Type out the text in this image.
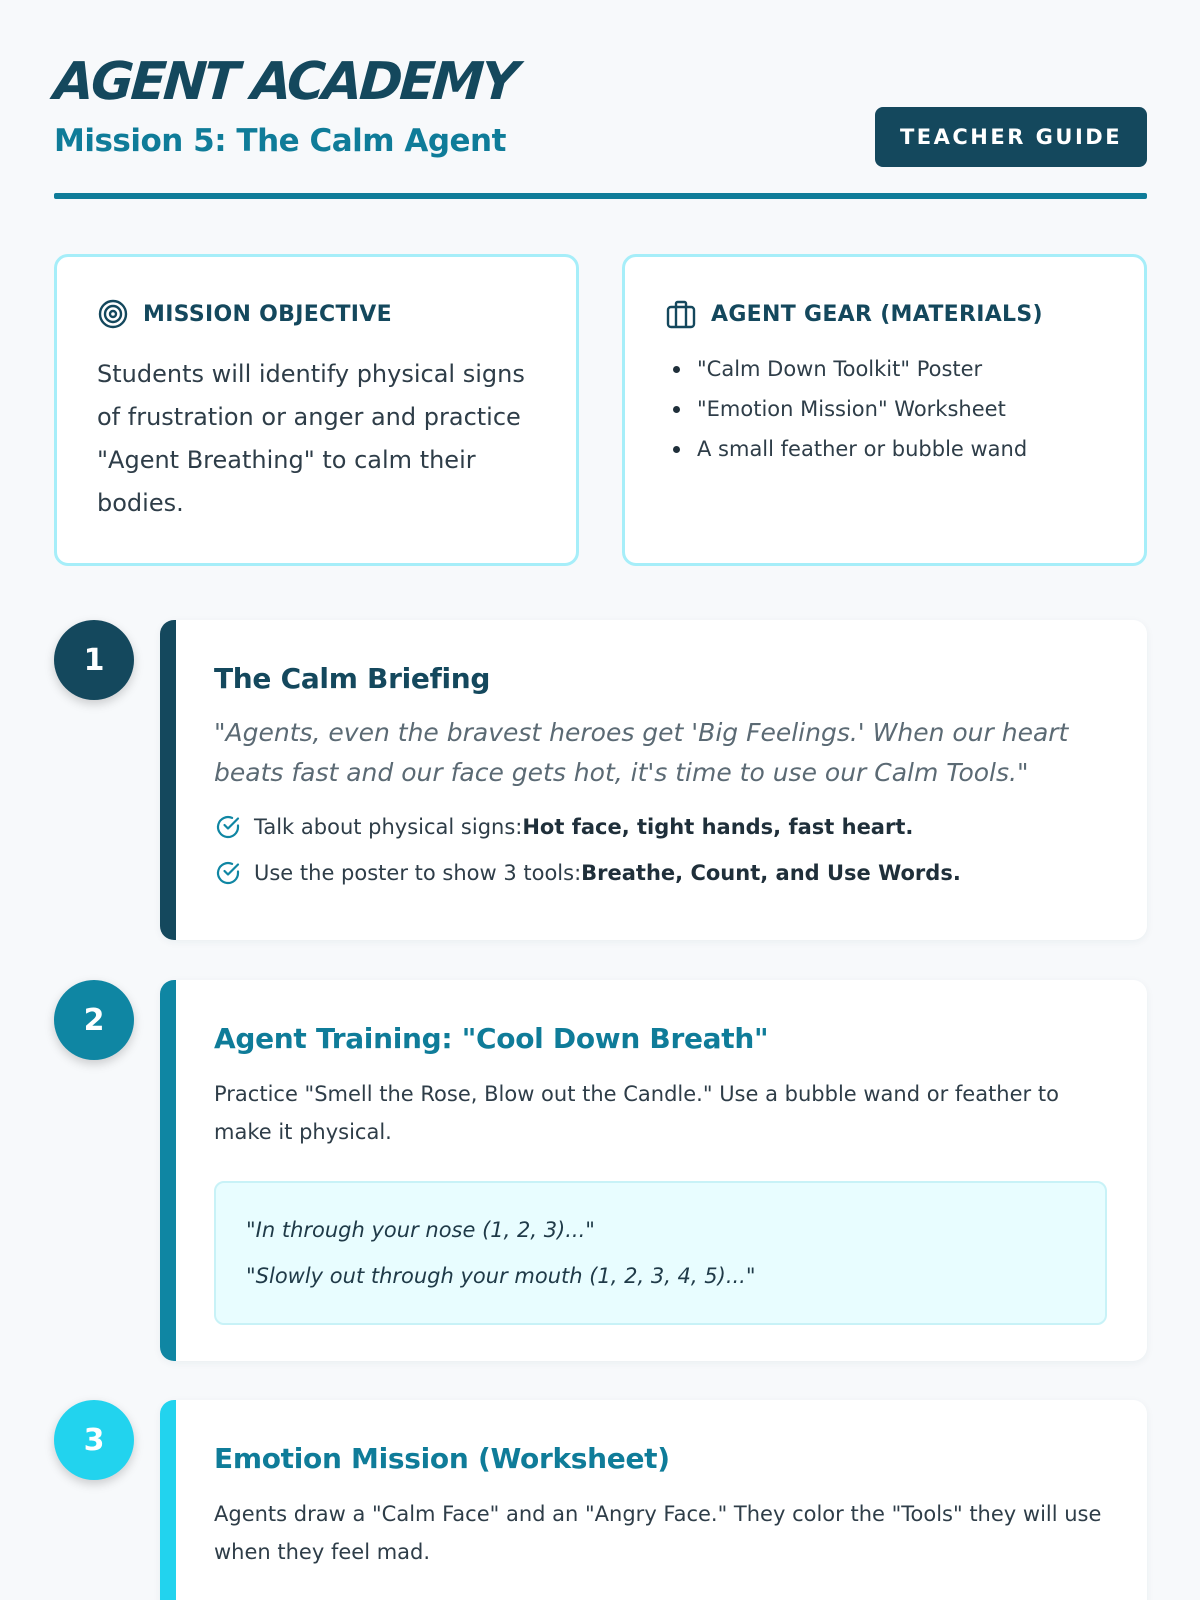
AGENT ACADEMY
Mission 5: The Calm Agent	TEACHER GUIDE
MISSION OBJECTIVE

Students will identify physical signs of frustration or anger and practice "Agent Breathing" to calm their bodies.

AGENT GEAR (MATERIALS)
"Calm Down Toolkit" Poster
"Emotion Mission" Worksheet
A small feather or bubble wand
1
The Calm Briefing

"Agents, even the bravest heroes get 'Big Feelings.' When our heart beats fast and our face gets hot, it's time to use our Calm Tools."

Talk about physical signs: Hot face, tight hands, fast heart.
Use the poster to show 3 tools: Breathe, Count, and Use Words.
2
Agent Training: "Cool Down Breath"

Practice "Smell the Rose, Blow out the Candle." Use a bubble wand or feather to make it physical.

"In through your nose (1, 2, 3)..."
"Slowly out through your mouth (1, 2, 3, 4, 5)..."
3
Emotion Mission (Worksheet)

Agents draw a "Calm Face" and an "Angry Face." They color the "Tools" they will use when they feel mad.
